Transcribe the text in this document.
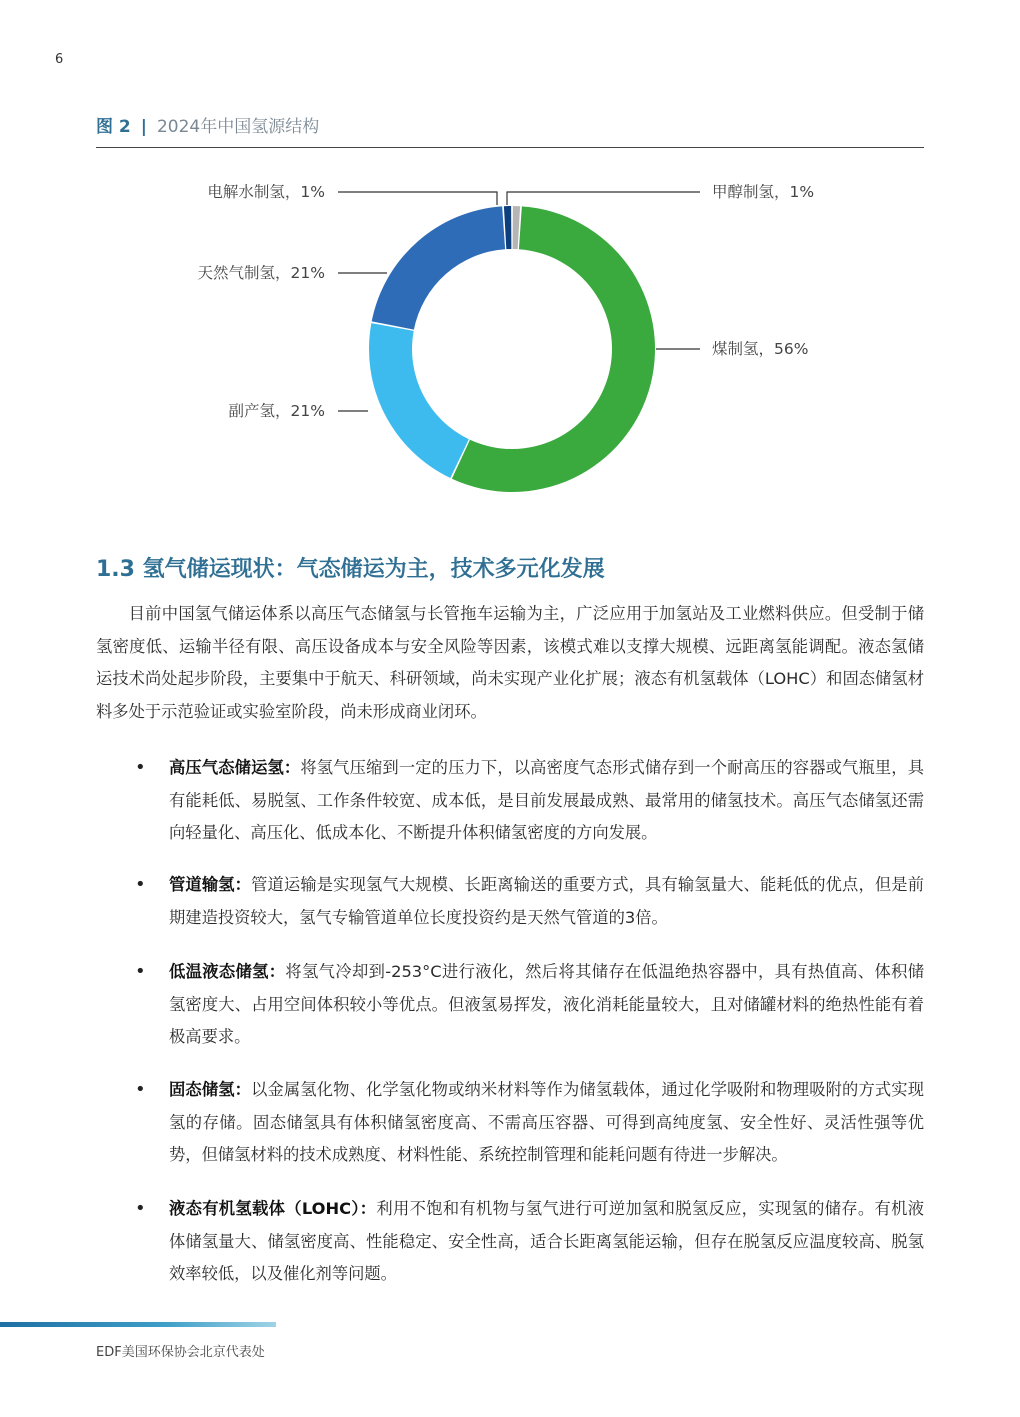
6
图 2 | 2024年中国氢源结构
甲醇制氢，1%
煤制氢，56%
副产氢，21%
天然气制氢，21%
电解水制氢，1%
1.3 氢气储运现状：气态储运为主，技术多元化发展

目前中国氢气储运体系以高压气态储氢与长管拖车运输为主，广泛应用于加氢站及工业燃料供应。但受制于储氢密度低、运输半径有限、高压设备成本与安全风险等因素，该模式难以支撑大规模、远距离氢能调配。液态氢储运技术尚处起步阶段，主要集中于航天、科研领域，尚未实现产业化扩展；液态有机氢载体（LOHC）和固态储氢材料多处于示范验证或实验室阶段，尚未形成商业闭环。

• 高压气态储运氢：将氢气压缩到一定的压力下，以高密度气态形式储存到一个耐高压的容器或气瓶里，具有能耗低、易脱氢、工作条件较宽、成本低，是目前发展最成熟、最常用的储氢技术。高压气态储氢还需向轻量化、高压化、低成本化、不断提升体积储氢密度的方向发展。

• 管道输氢：管道运输是实现氢气大规模、长距离输送的重要方式，具有输氢量大、能耗低的优点，但是前期建造投资较大，氢气专输管道单位长度投资约是天然气管道的3倍。

• 低温液态储氢：将氢气冷却到-253°C进行液化，然后将其储存在低温绝热容器中，具有热值高、体积储氢密度大、占用空间体积较小等优点。但液氢易挥发，液化消耗能量较大，且对储罐材料的绝热性能有着极高要求。

• 固态储氢：以金属氢化物、化学氢化物或纳米材料等作为储氢载体，通过化学吸附和物理吸附的方式实现氢的存储。固态储氢具有体积储氢密度高、不需高压容器、可得到高纯度氢、安全性好、灵活性强等优势，但储氢材料的技术成熟度、材料性能、系统控制管理和能耗问题有待进一步解决。

• 液态有机氢载体（LOHC）：利用不饱和有机物与氢气进行可逆加氢和脱氢反应，实现氢的储存。有机液体储氢量大、储氢密度高、性能稳定、安全性高，适合长距离氢能运输，但存在脱氢反应温度较高、脱氢效率较低，以及催化剂等问题。

EDF美国环保协会北京代表处
